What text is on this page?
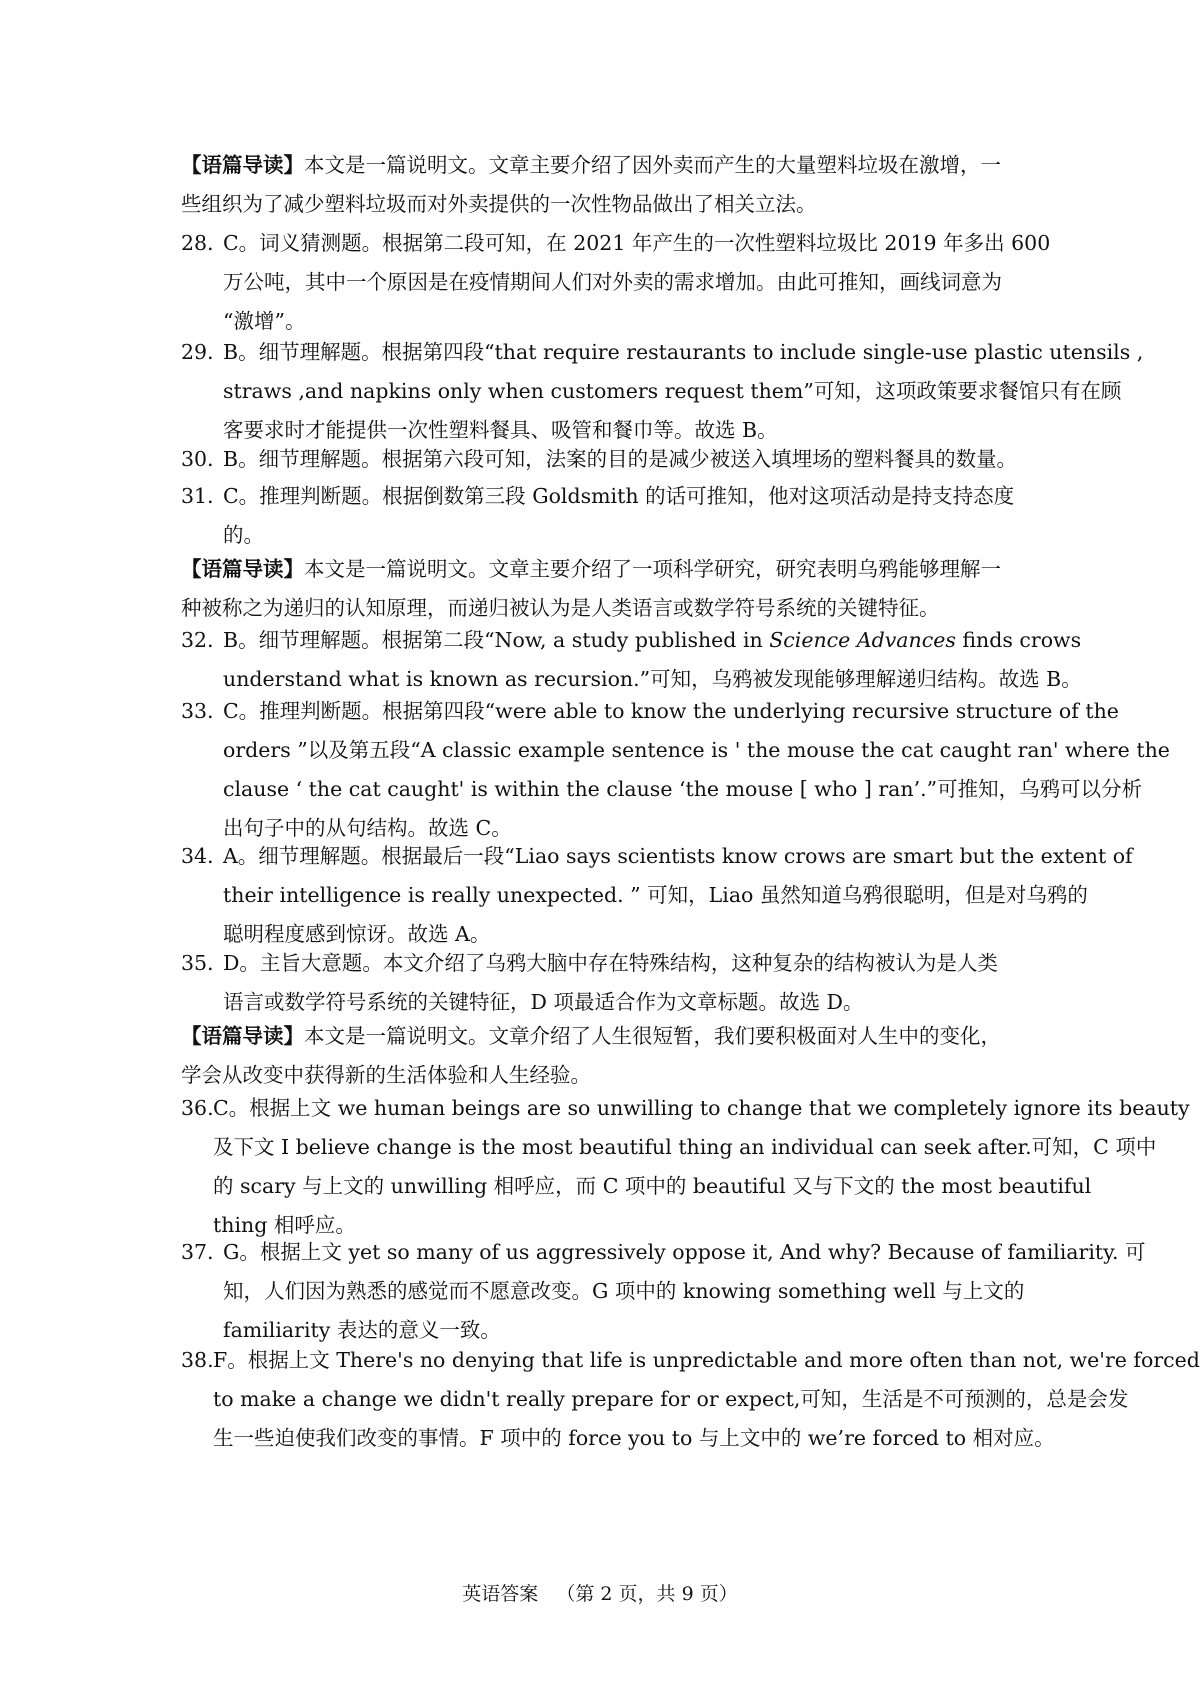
【语篇导读】本文是一篇说明文。文章主要介绍了因外卖而产生的大量塑料垃圾在激增，一
些组织为了减少塑料垃圾而对外卖提供的一次性物品做出了相关立法。
28．C。词义猜测题。根据第二段可知，在 2021 年产生的一次性塑料垃圾比 2019 年多出 600
万公吨，其中一个原因是在疫情期间人们对外卖的需求增加。由此可推知，画线词意为
“激增”。
29．B。细节理解题。根据第四段“that require restaurants to include single-use plastic utensils ,
straws ,and napkins only when customers request them”可知，这项政策要求餐馆只有在顾
客要求时才能提供一次性塑料餐具、吸管和餐巾等。故选 B。
30．B。细节理解题。根据第六段可知，法案的目的是减少被送入填埋场的塑料餐具的数量。
31．C。推理判断题。根据倒数第三段 Goldsmith 的话可推知，他对这项活动是持支持态度
的。
【语篇导读】本文是一篇说明文。文章主要介绍了一项科学研究，研究表明乌鸦能够理解一
种被称之为递归的认知原理，而递归被认为是人类语言或数学符号系统的关键特征。
32．B。细节理解题。根据第二段“Now, a study published in Science Advances finds crows
understand what is known as recursion.”可知，乌鸦被发现能够理解递归结构。故选 B。
33．C。推理判断题。根据第四段“were able to know the underlying recursive structure of the
orders ”以及第五段“A classic example sentence is ' the mouse the cat caught ran' where the
clause ‘ the cat caught' is within the clause ‘the mouse [ who ] ran’.”可推知，乌鸦可以分析
出句子中的从句结构。故选 C。
34．A。细节理解题。根据最后一段“Liao says scientists know crows are smart but the extent of
their intelligence is really unexpected. ” 可知，Liao 虽然知道乌鸦很聪明，但是对乌鸦的
聪明程度感到惊讶。故选 A。
35．D。主旨大意题。本文介绍了乌鸦大脑中存在特殊结构，这种复杂的结构被认为是人类
语言或数学符号系统的关键特征，D 项最适合作为文章标题。故选 D。
【语篇导读】本文是一篇说明文。文章介绍了人生很短暂，我们要积极面对人生中的变化，
学会从改变中获得新的生活体验和人生经验。
36.C。根据上文 we human beings are so unwilling to change that we completely ignore its beauty
及下文 I believe change is the most beautiful thing an individual can seek after.可知，C 项中
的 scary 与上文的 unwilling 相呼应，而 C 项中的 beautiful 又与下文的 the most beautiful
thing 相呼应。
37．G。根据上文 yet so many of us aggressively oppose it, And why? Because of familiarity. 可
知，人们因为熟悉的感觉而不愿意改变。G 项中的 knowing something well 与上文的
familiarity 表达的意义一致。
38.F。根据上文 There's no denying that life is unpredictable and more often than not, we're forced
to make a change we didn't really prepare for or expect,可知，生活是不可预测的，总是会发
生一些迫使我们改变的事情。F 项中的 force you to 与上文中的 we’re forced to 相对应。
英语答案 （第 2 页，共 9 页）
